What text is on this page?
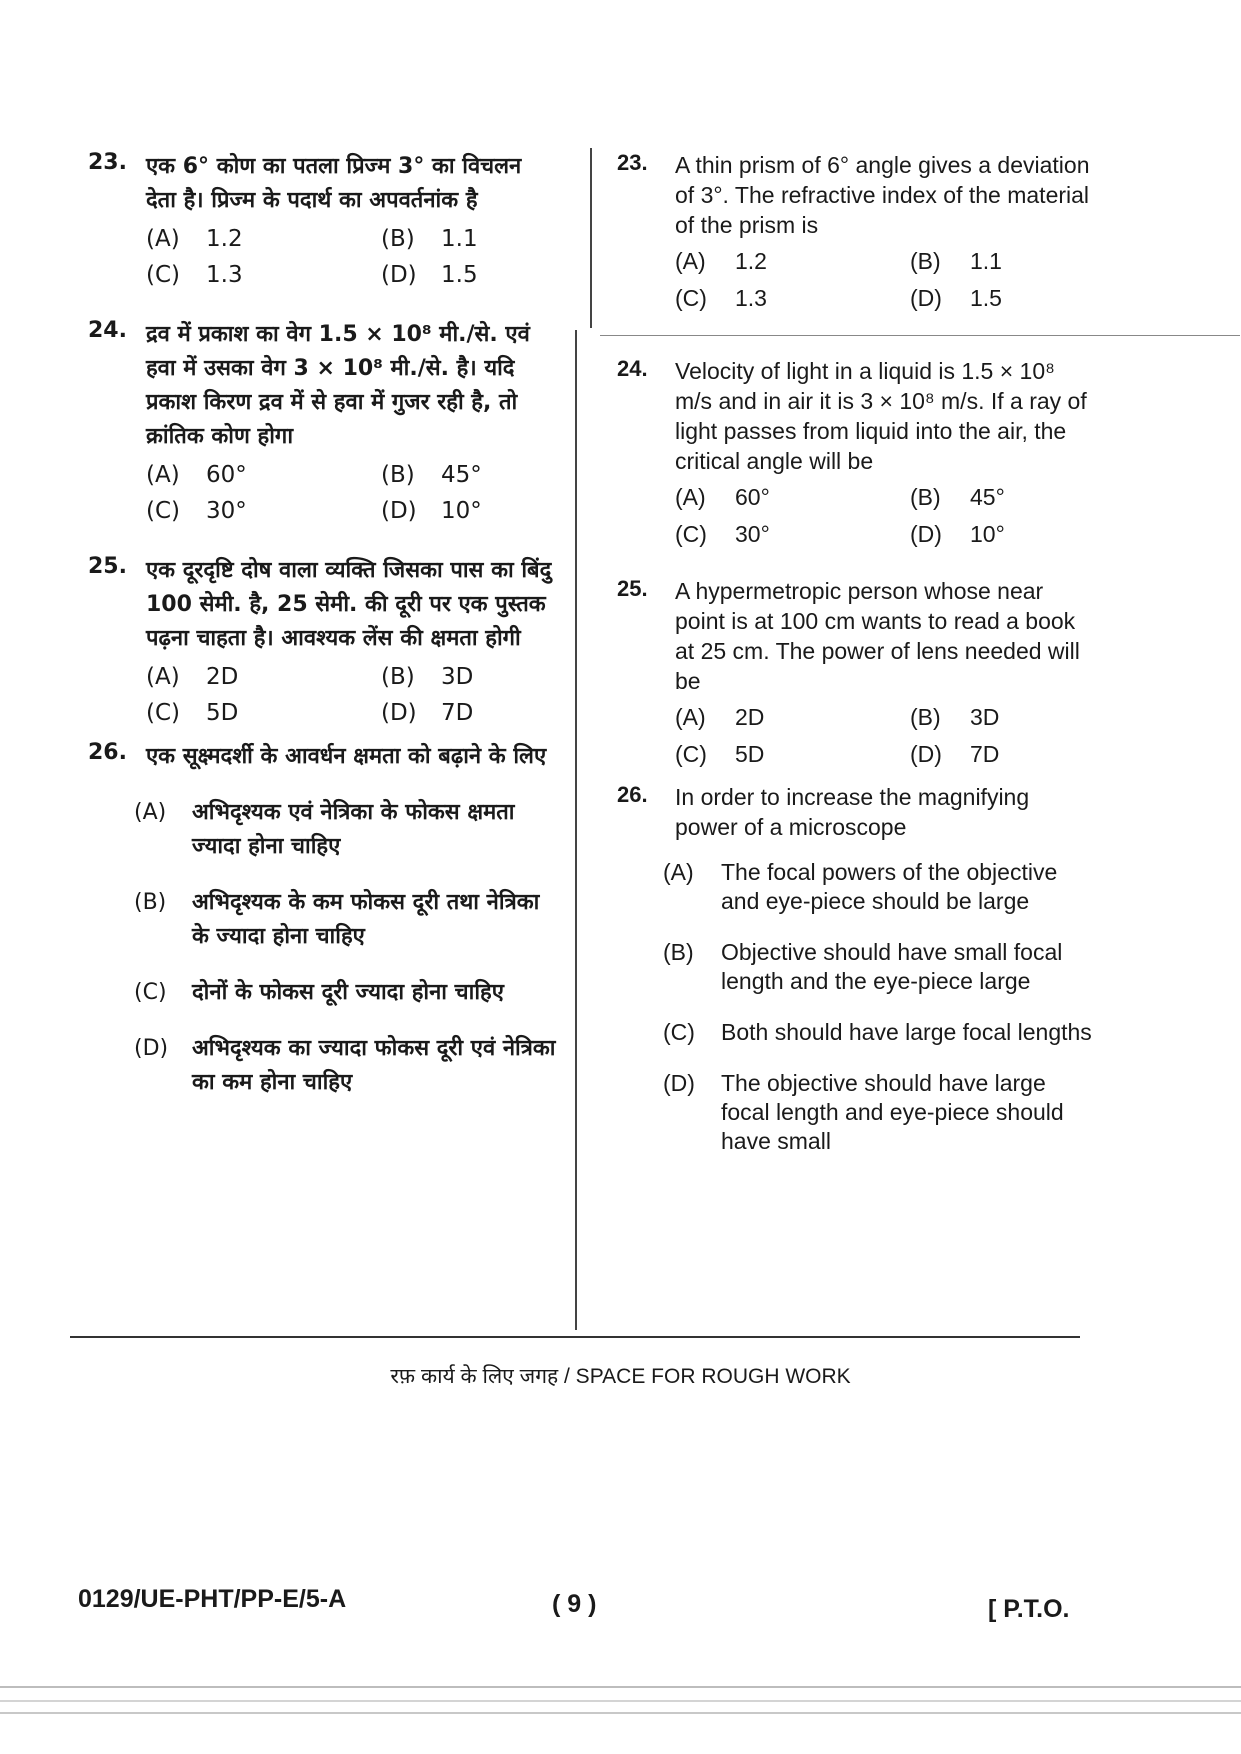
23. एक 6° कोण का पतला प्रिज्म 3° का विचलन देता है। प्रिज्म के पदार्थ का अपवर्तनांक है
(A) 1.2	(B) 1.1
(C) 1.3	(D) 1.5
24. द्रव में प्रकाश का वेग 1.5 × 10⁸ मी./से. एवं हवा में उसका वेग 3 × 10⁸ मी./से. है। यदि प्रकाश किरण द्रव में से हवा में गुजर रही है, तो क्रांतिक कोण होगा
(A) 60°	(B) 45°
(C) 30°	(D) 10°
25. एक दूरदृष्टि दोष वाला व्यक्ति जिसका पास का बिंदु 100 सेमी. है, 25 सेमी. की दूरी पर एक पुस्तक पढ़ना चाहता है। आवश्यक लेंस की क्षमता होगी
(A) 2D	(B) 3D
(C) 5D	(D) 7D
26. एक सूक्ष्मदर्शी के आवर्धन क्षमता को बढ़ाने के लिए
(A)	अभिदृश्यक एवं नेत्रिका के फोकस क्षमता ज्यादा होना चाहिए
(B)	अभिदृश्यक के कम फोकस दूरी तथा नेत्रिका के ज्यादा होना चाहिए
(C)	दोनों के फोकस दूरी ज्यादा होना चाहिए
(D)	अभिदृश्यक का ज्यादा फोकस दूरी एवं नेत्रिका का कम होना चाहिए
23. A thin prism of 6° angle gives a deviation of 3°. The refractive index of the material of the prism is
(A)	1.2	(B)	1.1
(C)	1.3	(D)	1.5
24. Velocity of light in a liquid is 1.5 × 10⁸ m/s and in air it is 3 × 10⁸ m/s. If a ray of light passes from liquid into the air, the critical angle will be
(A)	60°	(B)	45°
(C)	30°	(D)	10°
25. A hypermetropic person whose near point is at 100 cm wants to read a book at 25 cm. The power of lens needed will be
(A)	2D	(B)	3D
(C)	5D	(D)	7D
26. In order to increase the magnifying power of a microscope
(A)	The focal powers of the objective and eye-piece should be large
(B)	Objective should have small focal length and the eye-piece large
(C)	Both should have large focal lengths
(D)	The objective should have large focal length and eye-piece should have small
रफ़ कार्य के लिए जगह / SPACE FOR ROUGH WORK
0129/UE-PHT/PP-E/5-A	( 9 )	[ P.T.O.
